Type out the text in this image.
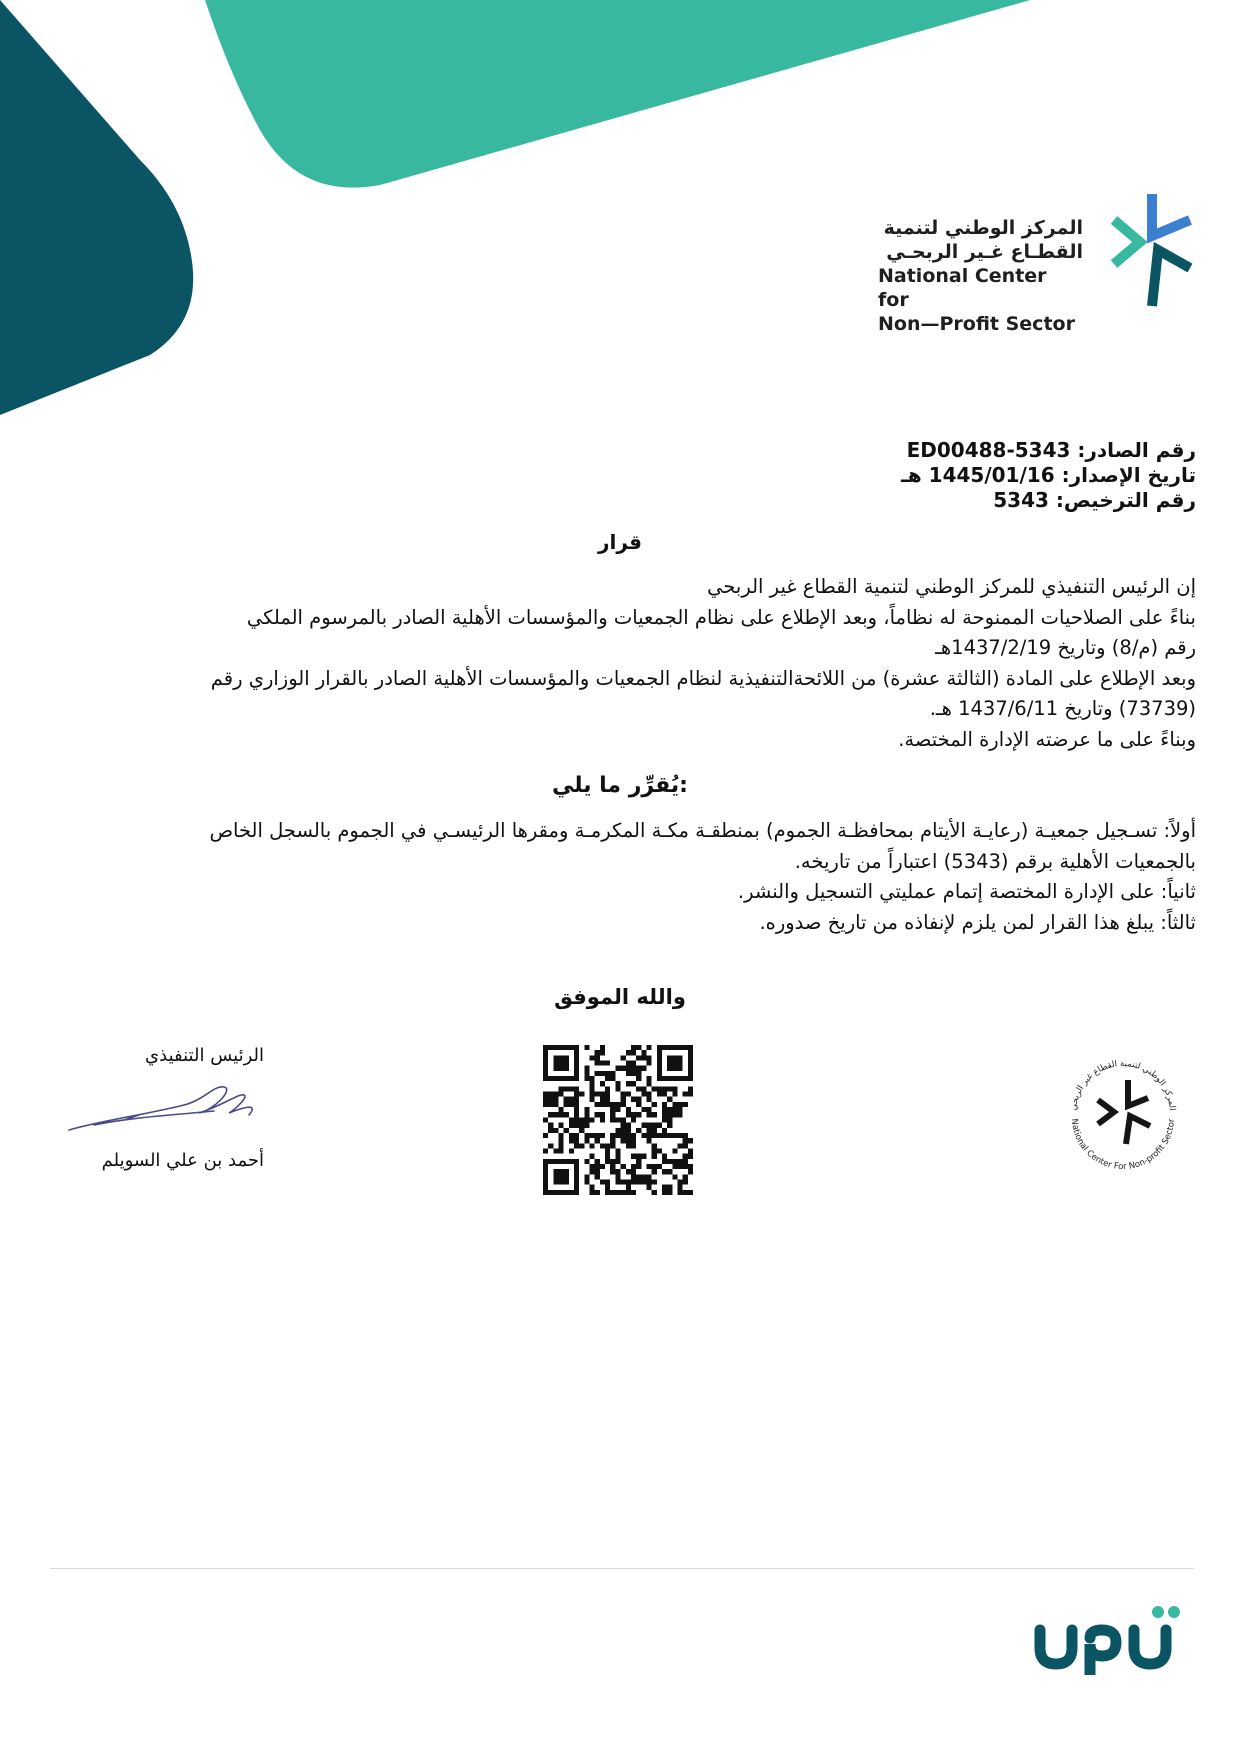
المركز الوطني لتنمية
القطـاع غـير الربحـي
National Center for
Non—Profit Sector
رقم الصادر: ED00488-5343
تاريخ الإصدار: 1445/01/16 هـ
رقم الترخيص: 5343
قرار

إن الرئيس التنفيذي للمركز الوطني لتنمية القطاع غير الربحي

بناءً على الصلاحيات الممنوحة له نظاماً، وبعد الإطلاع على نظام الجمعيات والمؤسسات الأهلية الصادر بالمرسوم الملكي

رقم (م/8) وتاريخ 1437/2/19هـ

وبعد الإطلاع على المادة (الثالثة عشرة) من اللائحةالتنفيذية لنظام الجمعيات والمؤسسات الأهلية الصادر بالقرار الوزاري رقم

(73739) وتاريخ 1437/6/11 هـ.

وبناءً على ما عرضته الإدارة المختصة.

يُقرِّر ما يلي:

أولاً: تسـجيل جمعيـة (رعايـة الأيتام بمحافظـة الجموم) بمنطقـة مكـة المكرمـة ومقرها الرئيسـي في الجموم بالسجل الخاص

بالجمعيات الأهلية برقم (5343) اعتباراً من تاريخه.

ثانياً: على الإدارة المختصة إتمام عمليتي التسجيل والنشر.

ثالثاً: يبلغ هذا القرار لمن يلزم لإنفاذه من تاريخ صدوره.

والله الموفق
الرئيس التنفيذي
أحمد بن علي السويلم
المركز الوطني لتنمية القطاع غير الربحي
National Center For Non-profit Sector
